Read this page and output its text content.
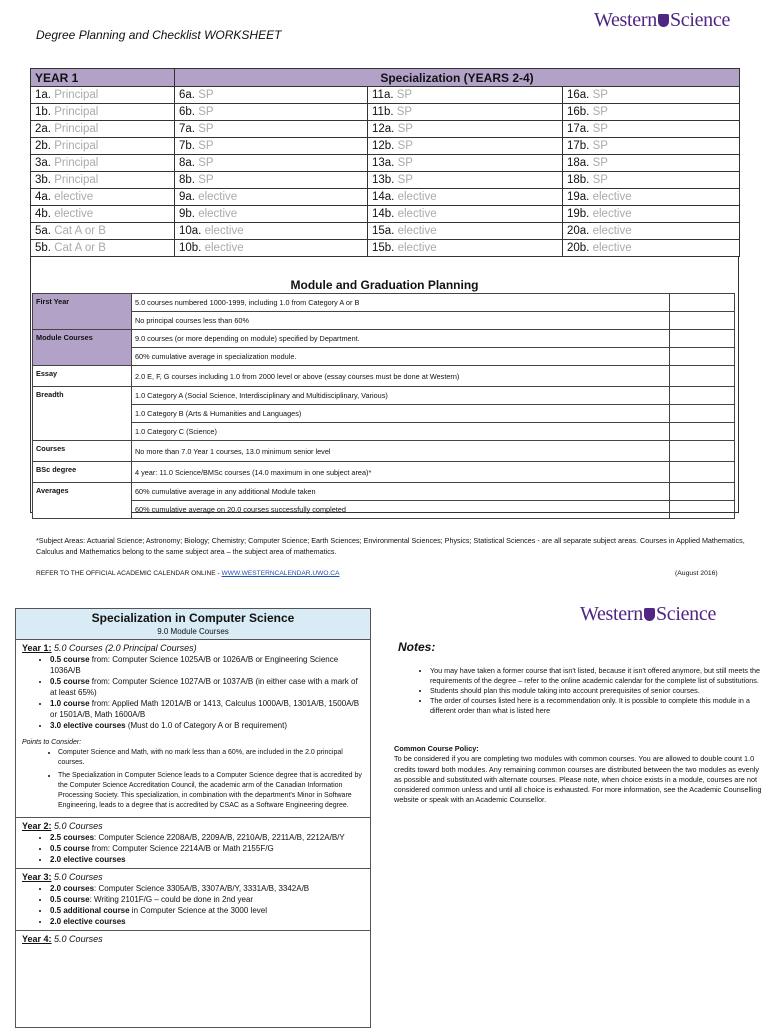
Degree Planning and Checklist WORKSHEET
Western Science
YEAR 1	Specialization (YEARS 2-4)		
1a. Principal	6a. SP	11a. SP	16a. SP
1b. Principal	6b. SP	11b. SP	16b. SP
2a. Principal	7a. SP	12a. SP	17a. SP
2b. Principal	7b. SP	12b. SP	17b. SP
3a. Principal	8a. SP	13a. SP	18a. SP
3b. Principal	8b. SP	13b. SP	18b. SP
4a. elective	9a. elective	14a. elective	19a. elective
4b. elective	9b. elective	14b. elective	19b. elective
5a. Cat A or B	10a. elective	15a. elective	20a. elective
5b. Cat A or B	10b. elective	15b. elective	20b. elective
Module and Graduation Planning
First Year	5.0 courses numbered 1000-1999, including 1.0 from Category A or B	
	No principal courses less than 60%	
Module Courses	9.0 courses (or more depending on module) specified by Department.	
	60% cumulative average in specialization module.	
Essay	2.0 E, F, G courses including 1.0 from 2000 level or above (essay courses must be done at Western)	
Breadth	1.0 Category A (Social Science, Interdisciplinary and Multidisciplinary, Various)	
	1.0 Category B (Arts & Humanities and Languages)	
	1.0 Category C (Science)	
Courses	No more than 7.0 Year 1 courses, 13.0 minimum senior level	
BSc degree	4 year: 11.0 Science/BMSc courses (14.0 maximum in one subject area)*	
Averages	60% cumulative average in any additional Module taken	
	60% cumulative average on 20.0 courses successfully completed	
*Subject Areas: Actuarial Science; Astronomy; Biology; Chemistry; Computer Science; Earth Sciences; Environmental Sciences; Physics; Statistical Sciences - are all separate subject areas. Courses in Applied Mathematics, Calculus and Mathematics belong to the same subject area – the subject area of mathematics.
REFER TO THE OFFICIAL ACADEMIC CALENDAR ONLINE - WWW.WESTERNCALENDAR.UWO.CA	(August 2016)
Specialization in Computer Science
9.0 Module Courses
Year 1: 5.0 Courses (2.0 Principal Courses)
• 0.5 course from: Computer Science 1025A/B or 1026A/B or Engineering Science 1036A/B
• 0.5 course from: Computer Science 1027A/B or 1037A/B (in either case with a mark of at least 65%)
• 1.0 course from: Applied Math 1201A/B or 1413, Calculus 1000A/B, 1301A/B, 1500A/B or 1501A/B, Math 1600A/B
• 3.0 elective courses (Must do 1.0 of Category A or B requirement)
Points to Consider:
• Computer Science and Math, with no mark less than a 60%, are included in the 2.0 principal courses.
• The Specialization in Computer Science leads to a Computer Science degree that is accredited by the Computer Science Accreditation Council, the academic arm of the Canadian Information Processing Society. This specialization, in combination with the department's Minor in Software Engineering, leads to a degree that is accredited by CSAC as a Software Engineering degree.
Year 2: 5.0 Courses
• 2.5 courses: Computer Science 2208A/B, 2209A/B, 2210A/B, 2211A/B, 2212A/B/Y
• 0.5 course from: Computer Science 2214A/B or Math 2155F/G
• 2.0 elective courses
Year 3: 5.0 Courses
• 2.0 courses: Computer Science 3305A/B, 3307A/B/Y, 3331A/B, 3342A/B
• 0.5 course: Writing 2101F/G – could be done in 2nd year
• 0.5 additional course in Computer Science at the 3000 level
• 2.0 elective courses
Year 4: 5.0 Courses
Western Science
Notes:
• You may have taken a former course that isn't listed, because it isn't offered anymore, but still meets the requirements of the degree – refer to the online academic calendar for the complete list of substitutions.
• Students should plan this module taking into account prerequisites of senior courses.
• The order of courses listed here is a recommendation only. It is possible to complete this module in a different order than what is listed here
Common Course Policy:
To be considered if you are completing two modules with common courses. You are allowed to double count 1.0 credits toward both modules. Any remaining common courses are distributed between the two modules as evenly as possible and substituted with alternate courses. Please note, when choice exists in a module, courses are not considered common unless and until all choice is exhausted. For more information, see the Academic Counselling website or speak with an Academic Counsellor.
